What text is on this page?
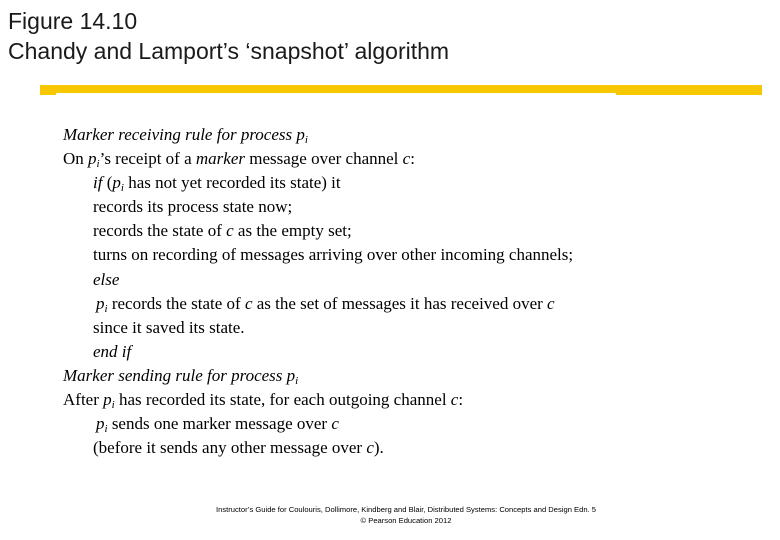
Figure 14.10
Chandy and Lamport’s ‘snapshot’ algorithm
Marker receiving rule for process $p_i$
On $p_i’s$ receipt of a marker message over channel c:
if ($p_i$ has not yet recorded its state) it
records its process state now;
records the state of c as the empty set;
turns on recording of messages arriving over other incoming channels;
else
$p_i$ records the state of c as the set of messages it has received over c
since it saved its state.
end if
Marker sending rule for process $p_i$
After $p_i$ has recorded its state, for each outgoing channel c:
$p_i$ sends one marker message over c
(before it sends any other message over c).
Instructor’s Guide for Coulouris, Dollimore, Kindberg and Blair, Distributed Systems: Concepts and Design Edn. 5
© Pearson Education 2012
